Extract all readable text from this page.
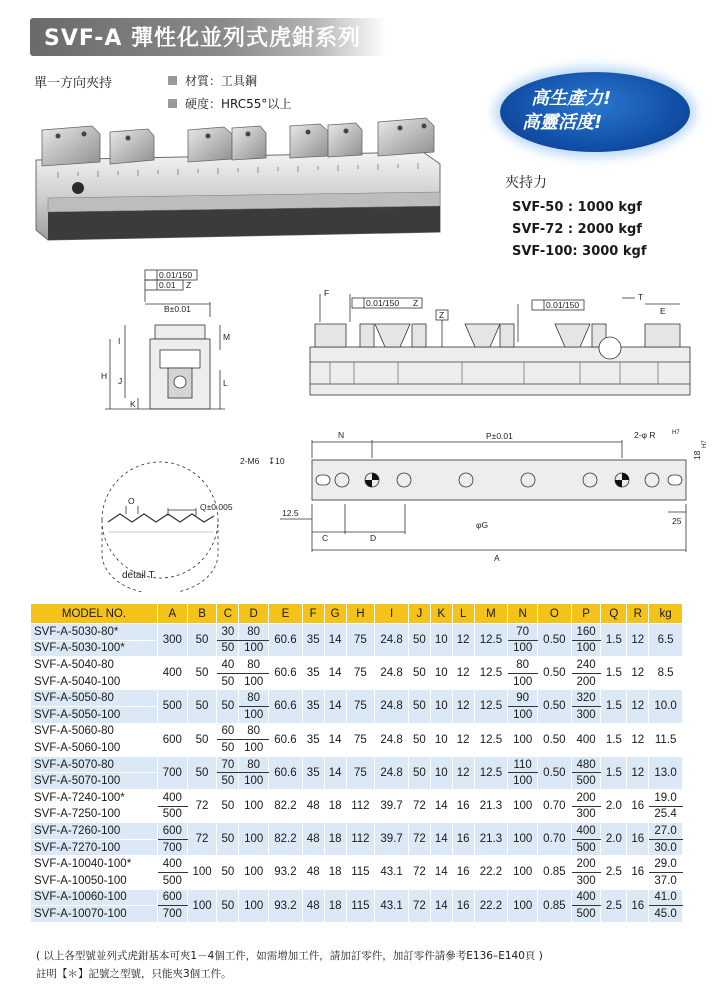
SVF-A 彈性化並列式虎鉗系列
單一方向夾持	材質：工具鋼
硬度：HRC55°以上	高生產力!
高靈活度!
夾持力
SVF-50 : 1000 kgf
SVF-72 : 2000 kgf
SVF-100: 3000 kgf
SVF7200
0.01/150
0.01 Z
B±0.01
H
I
J
K
L
M
F
0.01/150 Z
Z
0.01/150
T
E
N	P±0.01	2-φ R	H7
2-M6 ↧10
φG
12.5
25
C	D
A
18
H7
O
Q±0.005
detail T
MODEL NO.	A	B	C	D	E	F	G	H	I	J	K	L	M	N	O	P	Q	R	kg
SVF-A-5030-80*	300	50	30	80	60.6	35	14	75	24.8	50	10	12	12.5	70	0.50	160	1.5	12	6.5
SVF-A-5030-100*			50	100										100		100			
SVF-A-5040-80	400	50	40	80	60.6	35	14	75	24.8	50	10	12	12.5	80	0.50	240	1.5	12	8.5
SVF-A-5040-100			50	100										100		200			
SVF-A-5050-80	500	50	50	80	60.6	35	14	75	24.8	50	10	12	12.5	90	0.50	320	1.5	12	10.0
SVF-A-5050-100				100										100		300			
SVF-A-5060-80	600	50	60	80	60.6	35	14	75	24.8	50	10	12	12.5	100	0.50	400	1.5	12	11.5
SVF-A-5060-100			50	100															
SVF-A-5070-80	700	50	70	80	60.6	35	14	75	24.8	50	10	12	12.5	110	0.50	480	1.5	12	13.0
SVF-A-5070-100			50	100										100		500			
SVF-A-7240-100*	400	72	50	100	82.2	48	18	112	39.7	72	14	16	21.3	100	0.70	200	2.0	16	19.0
SVF-A-7250-100	500															300			25.4
SVF-A-7260-100	600	72	50	100	82.2	48	18	112	39.7	72	14	16	21.3	100	0.70	400	2.0	16	27.0
SVF-A-7270-100	700															500			30.0
SVF-A-10040-100*	400	100	50	100	93.2	48	18	115	43.1	72	14	16	22.2	100	0.85	200	2.5	16	29.0
SVF-A-10050-100	500															300			37.0
SVF-A-10060-100	600	100	50	100	93.2	48	18	115	43.1	72	14	16	22.2	100	0.85	400	2.5	16	41.0
SVF-A-10070-100	700															500			45.0
( 以上各型號並列式虎鉗基本可夾1－4個工件，如需增加工件，請加訂零件，加訂零件請參考E136–E140頁 )
註明【＊】記號之型號，只能夾3個工件。
